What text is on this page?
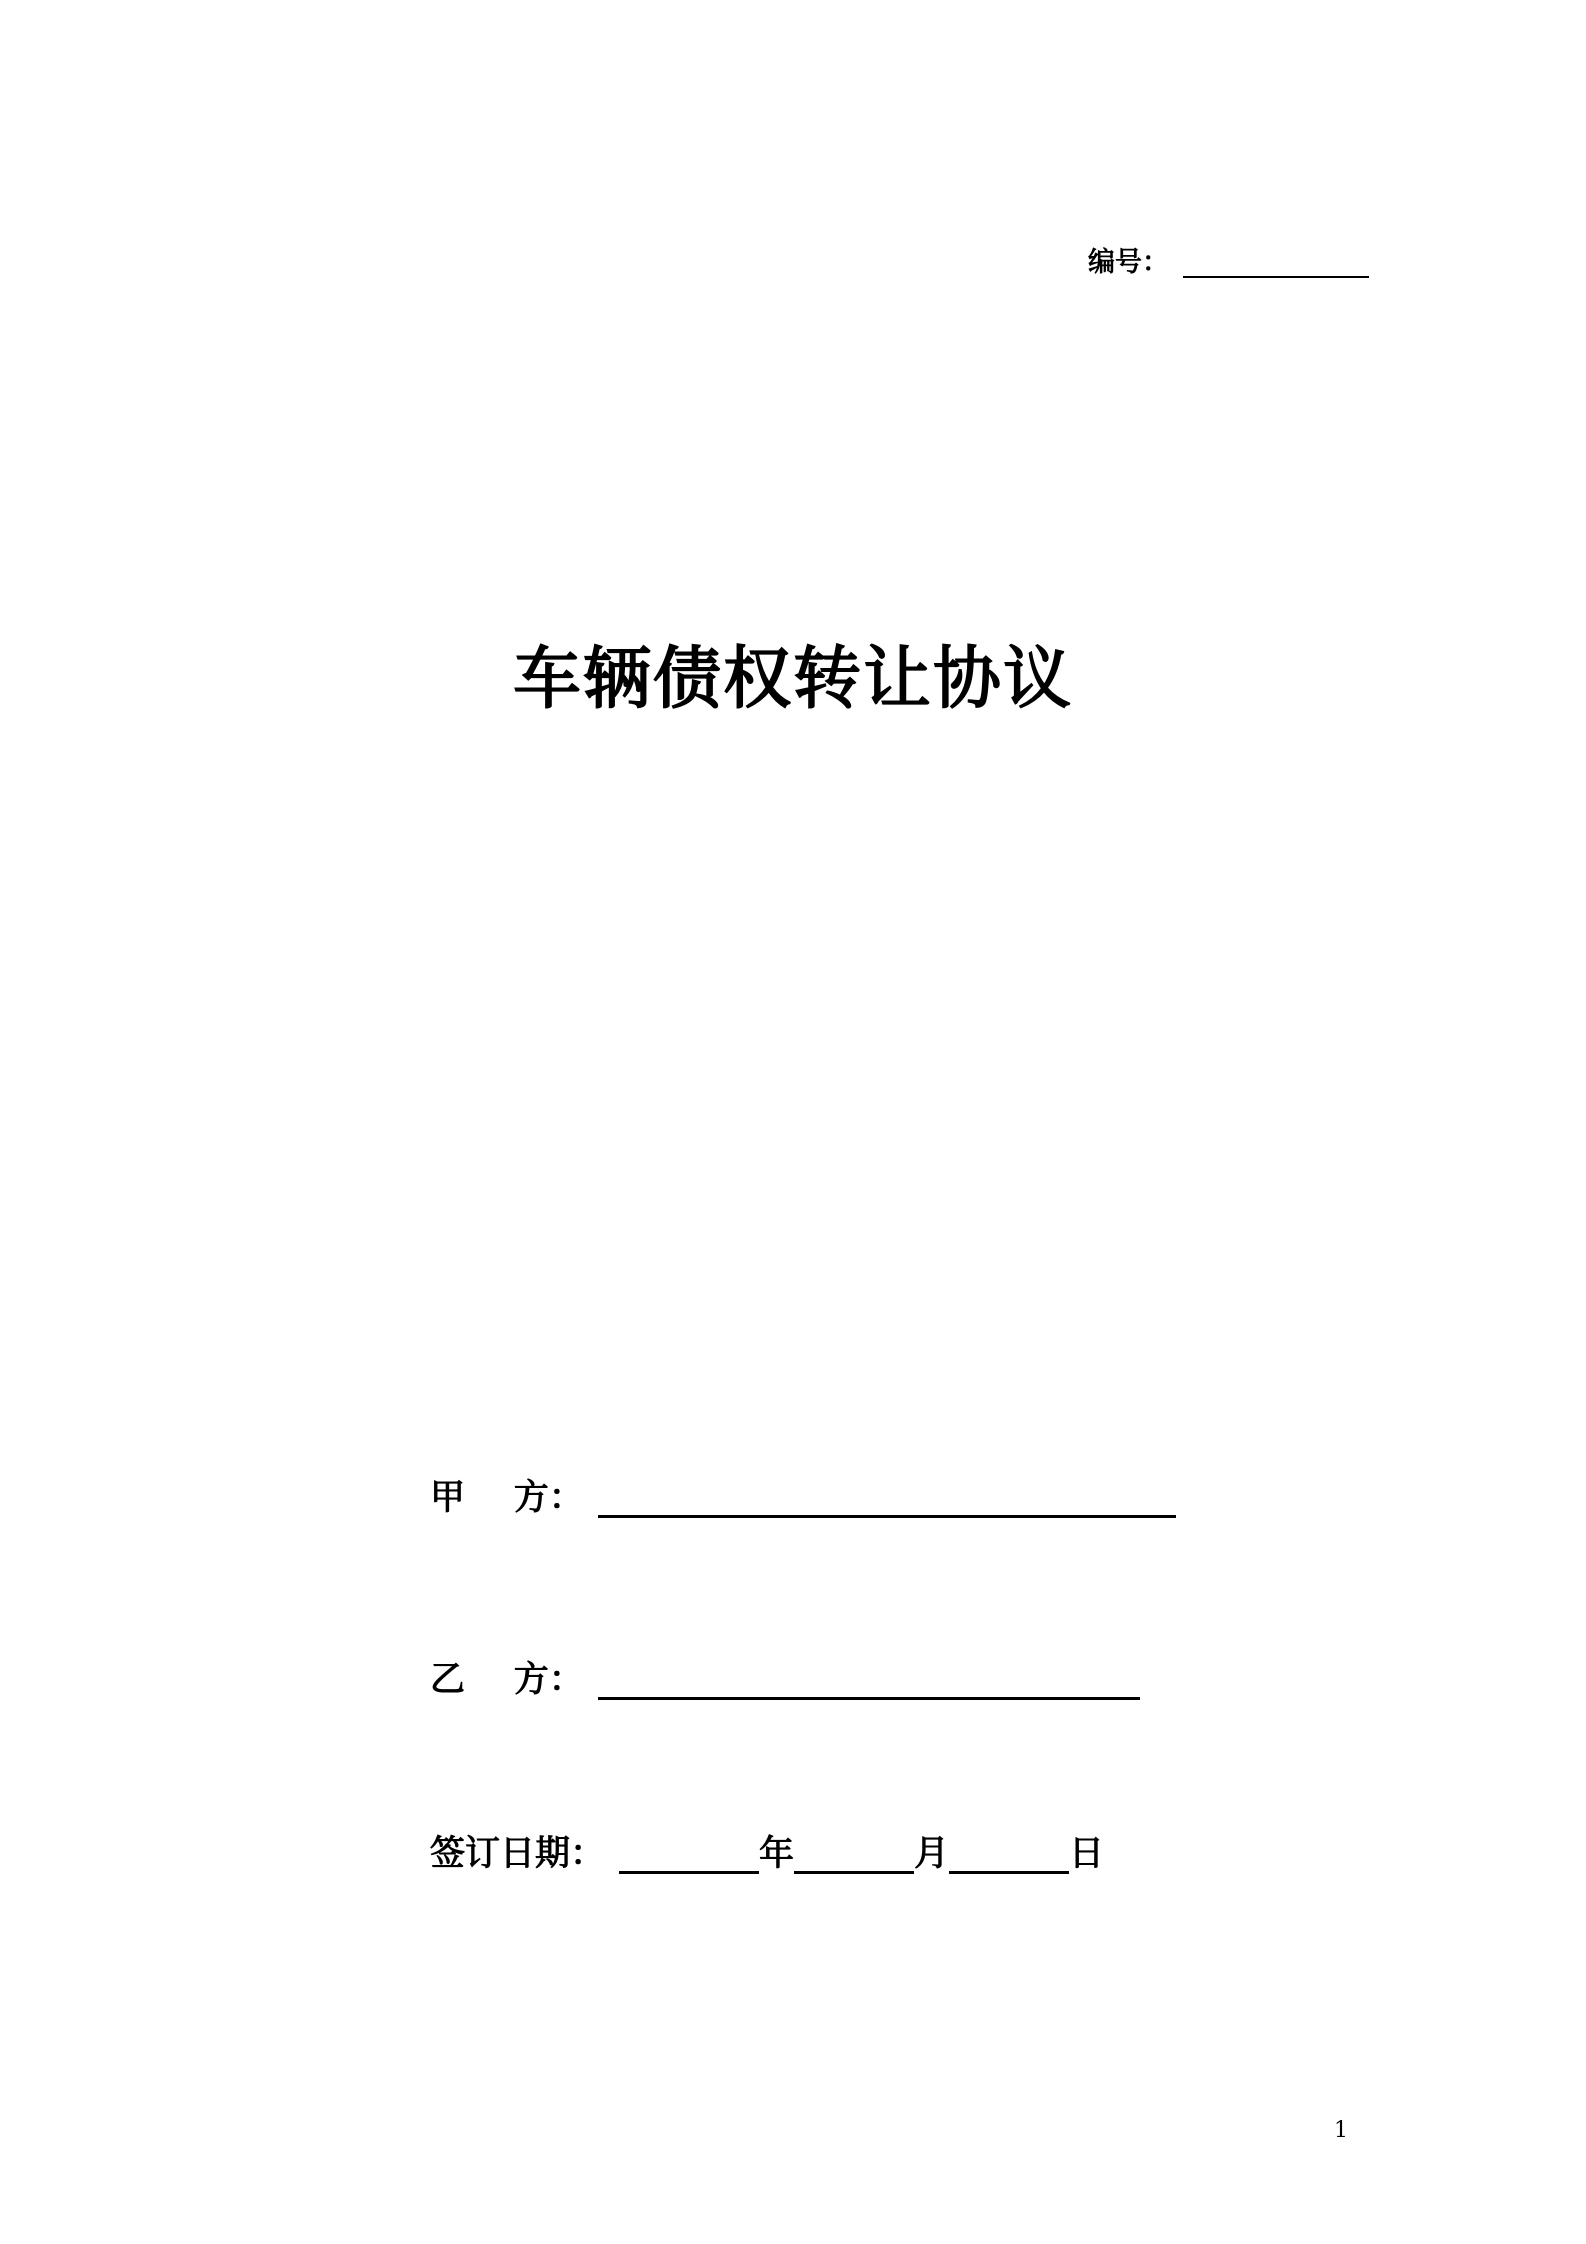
编号：
车辆债权转让协议
甲    方：
乙    方：
签订日期：	年	月	日
1
